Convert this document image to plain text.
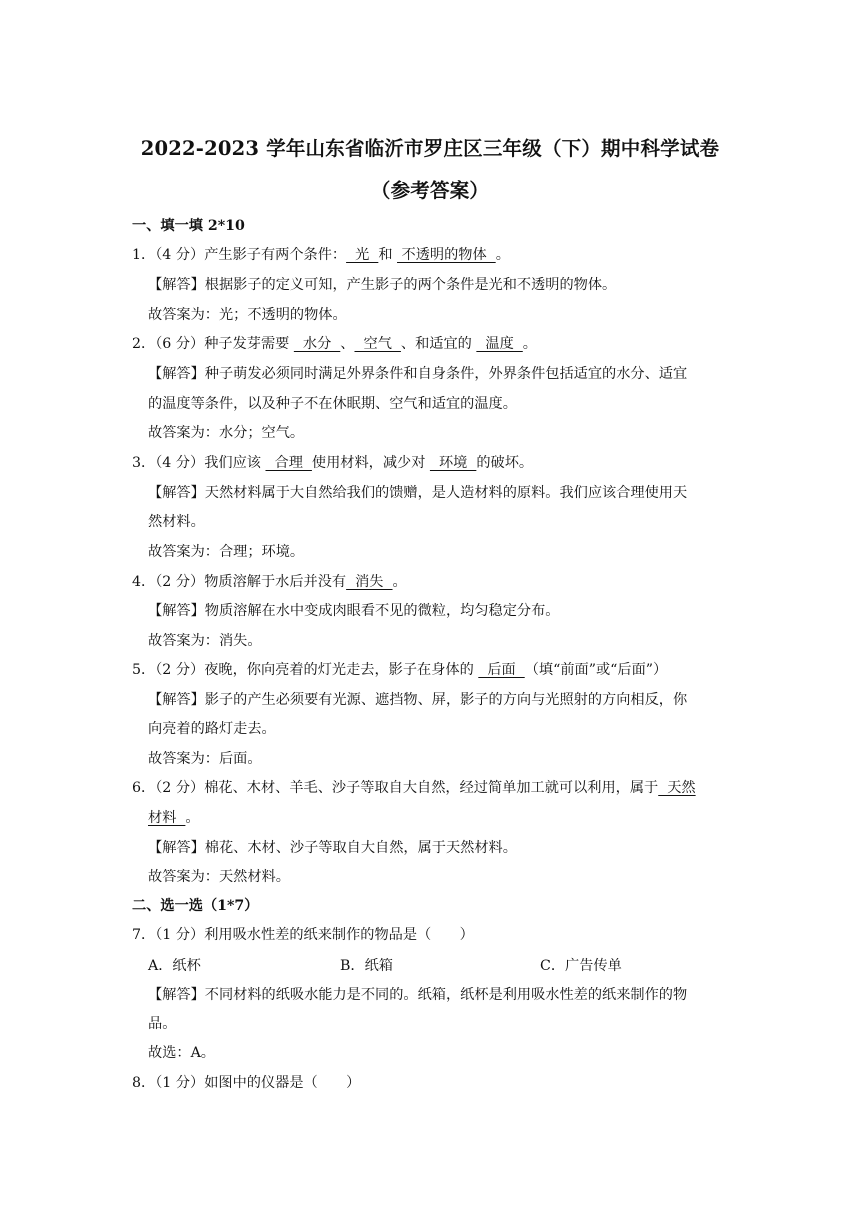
2022-2023 学年山东省临沂市罗庄区三年级（下）期中科学试卷
（参考答案）
一、填一填 2*10
1．（4 分）产生影子有两个条件：  光  和  不透明的物体  。
【解答】根据影子的定义可知，产生影子的两个条件是光和不透明的物体。
故答案为：光；不透明的物体。
2．（6 分）种子发芽需要   水分  、  空气  、和适宜的   温度  。
【解答】种子萌发必须同时满足外界条件和自身条件，外界条件包括适宜的水分、适宜
的温度等条件，以及种子不在休眠期、空气和适宜的温度。
故答案为：水分；空气。
3．（4 分）我们应该   合理  使用材料，减少对   环境  的破坏。
【解答】天然材料属于大自然给我们的馈赠，是人造材料的原料。我们应该合理使用天
然材料。
故答案为：合理；环境。
4．（2 分）物质溶解于水后并没有  消失  。
【解答】物质溶解在水中变成肉眼看不见的微粒，均匀稳定分布。
故答案为：消失。
5．（2 分）夜晚，你向亮着的灯光走去，影子在身体的   后面  （填“前面”或“后面”）
【解答】影子的产生必须要有光源、遮挡物、屏，影子的方向与光照射的方向相反，你
向亮着的路灯走去。
故答案为：后面。
6．（2 分）棉花、木材、羊毛、沙子等取自大自然，经过简单加工就可以利用，属于  天然
材料  。
【解答】棉花、木材、沙子等取自大自然，属于天然材料。
故答案为：天然材料。
二、选一选（1*7）
7．（1 分）利用吸水性差的纸来制作的物品是（　　）
A．纸杯	B．纸箱	C．广告传单
【解答】不同材料的纸吸水能力是不同的。纸箱，纸杯是利用吸水性差的纸来制作的物
品。
故选：A。
8．（1 分）如图中的仪器是（　　）
